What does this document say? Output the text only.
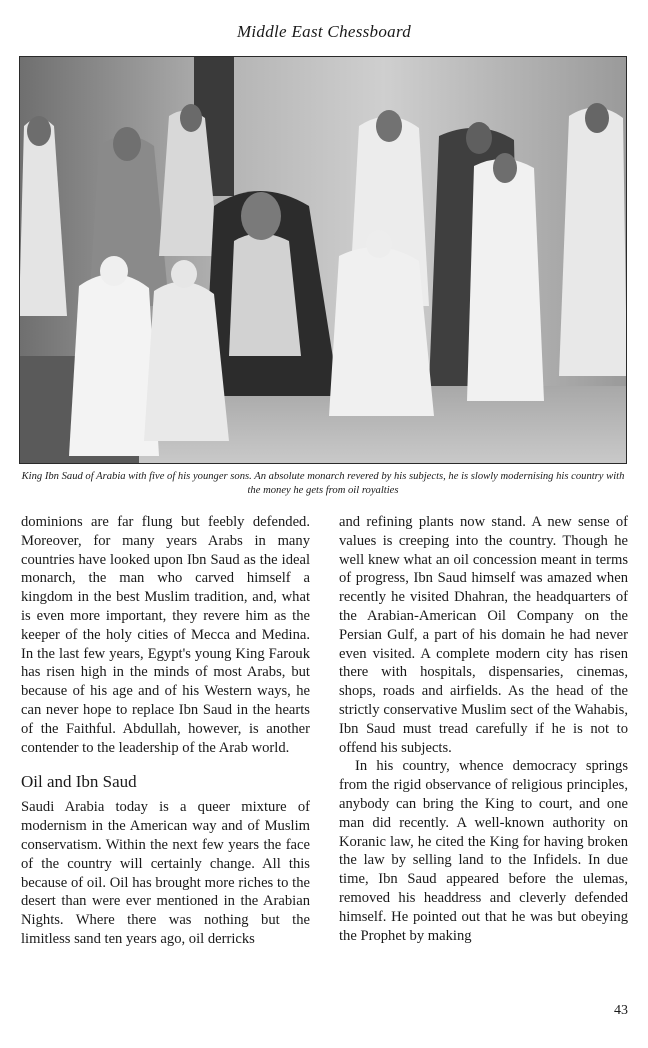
Middle East Chessboard
King Ibn Saud of Arabia with five of his younger sons. An absolute monarch revered by his subjects, he is slowly modernising his country with the money he gets from oil royalties

dominions are far flung but feebly defended. Moreover, for many years Arabs in many countries have looked upon Ibn Saud as the ideal monarch, the man who carved himself a kingdom in the best Muslim tradition, and, what is even more important, they revere him as the keeper of the holy cities of Mecca and Medina. In the last few years, Egypt's young King Farouk has risen high in the minds of most Arabs, but because of his age and of his Western ways, he can never hope to replace Ibn Saud in the hearts of the Faithful. Abdullah, however, is another contender to the leadership of the Arab world.

Oil and Ibn Saud

Saudi Arabia today is a queer mixture of modernism in the American way and of Muslim conservatism. Within the next few years the face of the country will certainly change. All this because of oil. Oil has brought more riches to the desert than were ever mentioned in the Arabian Nights. Where there was nothing but the limitless sand ten years ago, oil derricks

and refining plants now stand. A new sense of values is creeping into the country. Though he well knew what an oil concession meant in terms of progress, Ibn Saud himself was amazed when recently he visited Dhahran, the headquarters of the Arabian-American Oil Company on the Persian Gulf, a part of his domain he had never even visited. A complete modern city has risen there with hospitals, dispensaries, cinemas, shops, roads and airfields. As the head of the strictly conservative Muslim sect of the Wahabis, Ibn Saud must tread carefully if he is not to offend his subjects.

In his country, whence democracy springs from the rigid observance of religious principles, anybody can bring the King to court, and one man did recently. A well-known authority on Koranic law, he cited the King for having broken the law by selling land to the Infidels. In due time, Ibn Saud appeared before the ulemas, removed his headdress and cleverly defended himself. He pointed out that he was but obeying the Prophet by making

43
